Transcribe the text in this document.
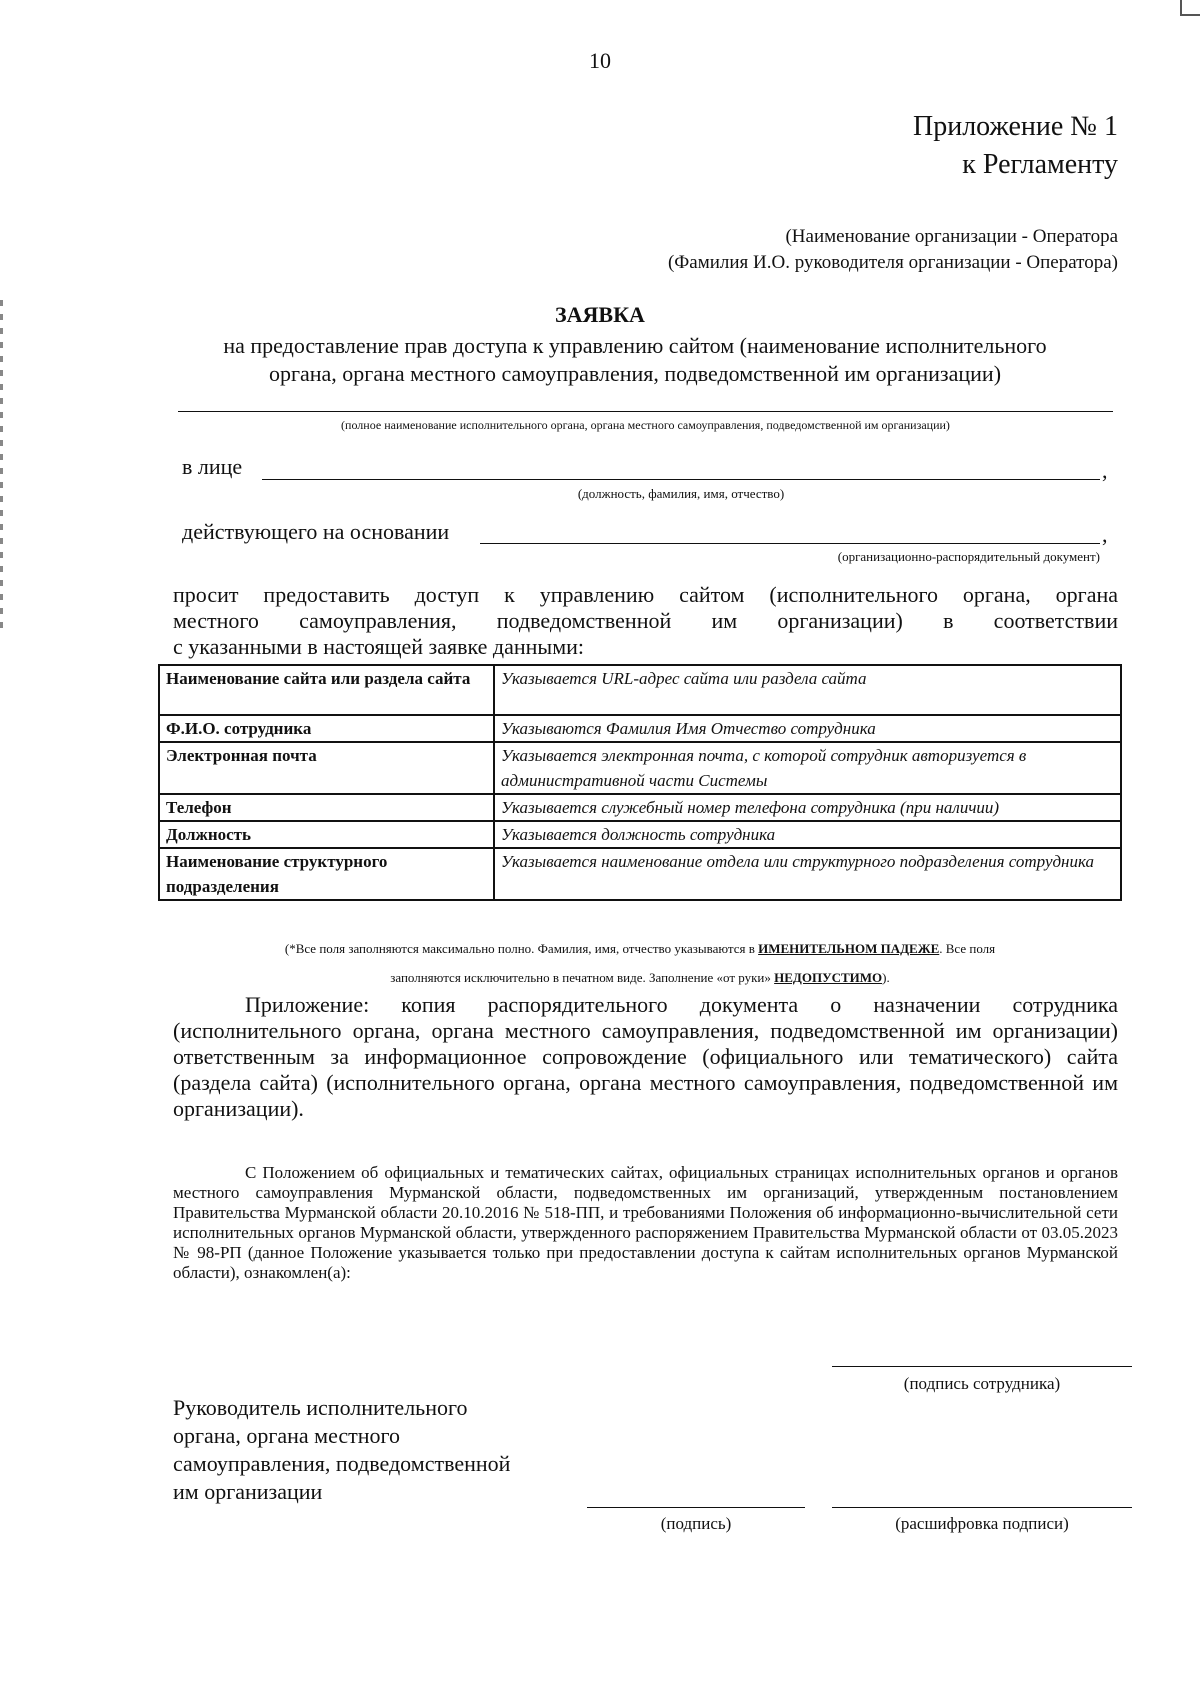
10
Приложение № 1
к Регламенту
(Наименование организации - Оператора
(Фамилия И.О. руководителя организации - Оператора)
ЗАЯВКА
на предоставление прав доступа к управлению сайтом (наименование исполнительного
органа, органа местного самоуправления, подведомственной им организации)
(полное наименование исполнительного органа, органа местного самоуправления, подведомственной им организации)
в лице	,
(должность, фамилия, имя, отчество)
действующего на основании	,
(организационно-распорядительный документ)
просит предоставить доступ к управлению сайтом (исполнительного органа, органа
местного самоуправления, подведомственной им организации) в соответствии
с указанными в настоящей заявке данными:
Наименование сайта или раздела сайта	Указывается URL-адрес сайта или раздела сайта
Ф.И.О. сотрудника	Указываются Фамилия Имя Отчество сотрудника
Электронная почта	Указывается электронная почта, с которой сотрудник авторизуется в административной части Системы
Телефон	Указывается служебный номер телефона сотрудника (при наличии)
Должность	Указывается должность сотрудника
Наименование структурного подразделения	Указывается наименование отдела или структурного подразделения сотрудника
(*Все поля заполняются максимально полно. Фамилия, имя, отчество указываются в ИМЕНИТЕЛЬНОМ ПАДЕЖЕ. Все поля
заполняются исключительно в печатном виде. Заполнение «от руки» НЕДОПУСТИМО).
Приложение: копия распорядительного документа о назначении сотрудника (исполнительного органа, органа местного самоуправления, подведомственной им организации) ответственным за информационное сопровождение (официального или тематического) сайта (раздела сайта) (исполнительного органа, органа местного самоуправления, подведомственной им организации).
С Положением об официальных и тематических сайтах, официальных страницах исполнительных органов и органов местного самоуправления Мурманской области, подведомственных им организаций, утвержденным постановлением Правительства Мурманской области 20.10.2016 № 518-ПП, и требованиями Положения об информационно-вычислительной сети исполнительных органов Мурманской области, утвержденного распоряжением Правительства Мурманской области от 03.05.2023 № 98-РП (данное Положение указывается только при предоставлении доступа к сайтам исполнительных органов Мурманской области), ознакомлен(а):
(подпись сотрудника)
Руководитель исполнительного
органа, органа местного
самоуправления, подведомственной
им организации
(подпись)	(расшифровка подписи)
